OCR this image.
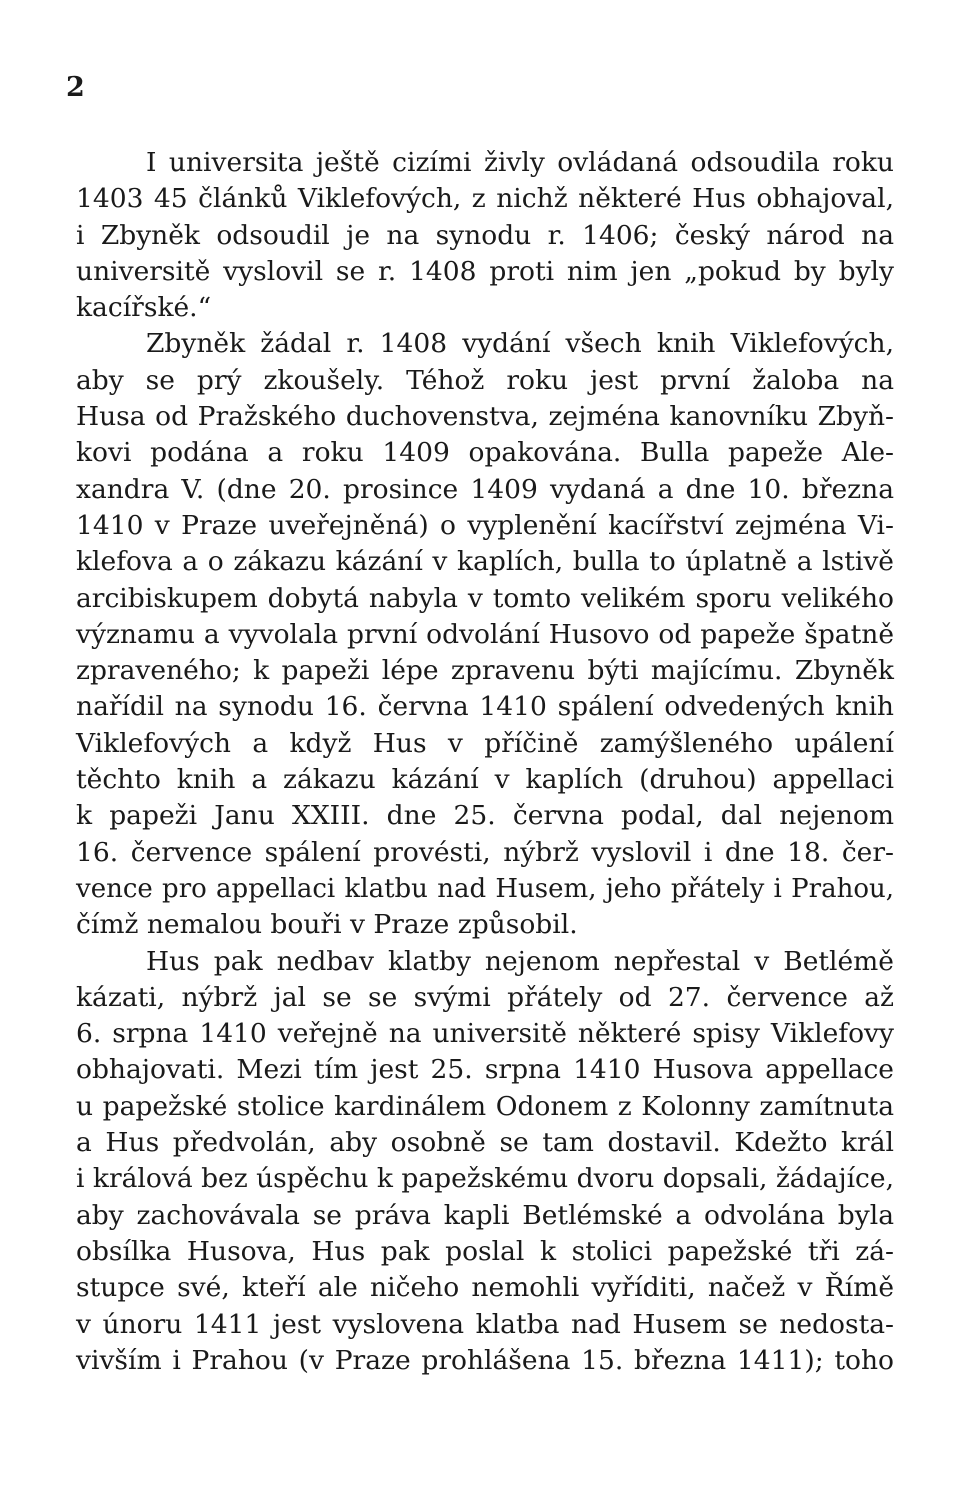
2
I universita ještě cizími živly ovládaná odsoudila roku
1403 45 článků Viklefových, z nichž některé Hus obhajoval,
i Zbyněk odsoudil je na synodu r. 1406; český národ na
universitě vyslovil se r. 1408 proti nim jen „pokud by byly
kacířské.“
Zbyněk žádal r. 1408 vydání všech knih Viklefových,
aby se prý zkoušely. Téhož roku jest první žaloba na
Husa od Pražského duchovenstva, zejména kanovníku Zbyň-
kovi podána a roku 1409 opakována. Bulla papeže Ale-
xandra V. (dne 20. prosince 1409 vydaná a dne 10. března
1410 v Praze uveřejněná) o vyplenění kacířství zejména Vi-
klefova a o zákazu kázání v kaplích, bulla to úplatně a lstivě
arcibiskupem dobytá nabyla v tomto velikém sporu velikého
významu a vyvolala první odvolání Husovo od papeže špatně
zpraveného; k papeži lépe zpravenu býti majícímu. Zbyněk
nařídil na synodu 16. června 1410 spálení odvedených knih
Viklefových a když Hus v příčině zamýšleného upálení
těchto knih a zákazu kázání v kaplích (druhou) appellaci
k papeži Janu XXIII. dne 25. června podal, dal nejenom
16. července spálení provésti, nýbrž vyslovil i dne 18. čer-
vence pro appellaci klatbu nad Husem, jeho přátely i Prahou,
čímž nemalou bouři v Praze způsobil.
Hus pak nedbav klatby nejenom nepřestal v Betlémě
kázati, nýbrž jal se se svými přátely od 27. července až
6. srpna 1410 veřejně na universitě některé spisy Viklefovy
obhajovati. Mezi tím jest 25. srpna 1410 Husova appellace
u papežské stolice kardinálem Odonem z Kolonny zamítnuta
a Hus předvolán, aby osobně se tam dostavil. Kdežto král
i králová bez úspěchu k papežskému dvoru dopsali, žádajíce,
aby zachovávala se práva kapli Betlémské a odvolána byla
obsílka Husova, Hus pak poslal k stolici papežské tři zá-
stupce své, kteří ale ničeho nemohli vyříditi, načež v Římě
v únoru 1411 jest vyslovena klatba nad Husem se nedosta-
vivším i Prahou (v Praze prohlášena 15. března 1411); toho
